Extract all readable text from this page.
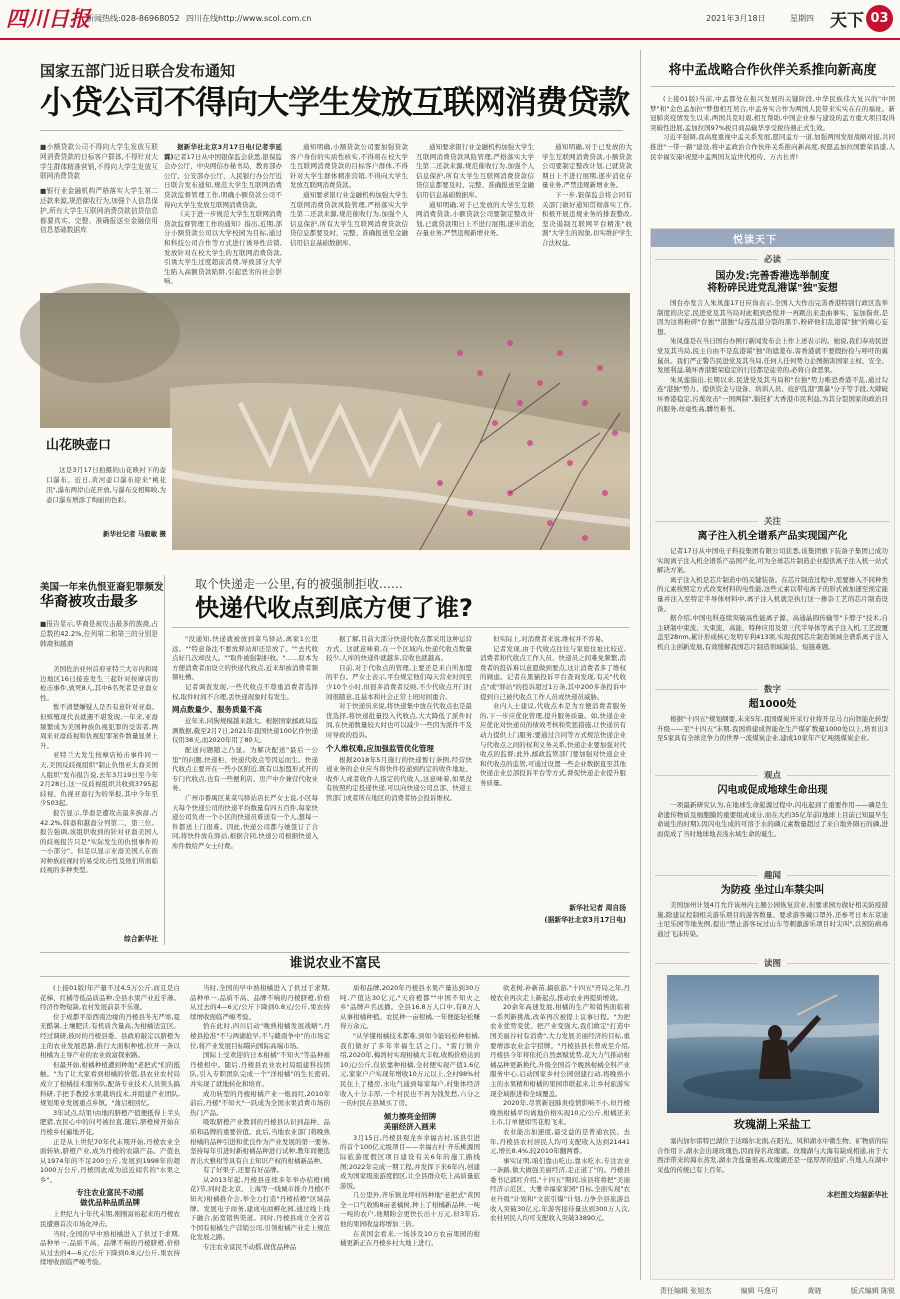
四川日报
新闻热线:028-86968052 四川在线http://www.scol.com.cn	2021年3月18日	星期四 天下 03
国家五部门近日联合发布通知
小贷公司不得向大学生发放互联网消费贷款
■小额贷款公司不得向大学生发放互联网消费贷款的目标客户群体,不得针对大学生群体精准营销,不得向大学生发放互联网消费贷款
■银行业金融机构严格落实大学生第二还款来源,规范催收行为,加强个人信息保护,所有大学生互联网消费贷款信贷信息都要真实、完整、准确报送至金融信用信息基础数据库

据新华社北京3月17日电(记者李延霖)记者17日从中国银保监会获悉,银保监会办公厅、中央网信办秘书局、教育部办公厅、公安部办公厅、人民银行办公厅近日联合发布通知,规范大学生互联网消费贷款监督管理工作,明确小额贷款公司不得向大学生发放互联网消费贷款。

《关于进一步规范大学生互联网消费贷款监督管理工作的通知》指出,近期,部分小额贷款公司以大学校园为目标,通过和科技公司合作等方式进行诱导性营销,发放针对在校大学生的互联网消费贷款,引诱大学生过度超前消费,导致部分大学生陷入高额贷款陷阱,引起恶劣的社会影响。

通知明确,小额贷款公司要加强贷款客户身份的实质性核实,不得将在校大学生互联网消费贷款的目标客户群体,不得针对大学生群体精准营销,不得向大学生发放互联网消费贷款。

通知要求银行业金融机构加强大学生互联网消费贷款风险管理,严格落实大学生第二还款来源,规范催收行为,加强个人信息保护,所有大学生互联网消费贷款信贷信息都要及时、完整、准确报送至金融信用信息基础数据库。

通知要求银行业金融机构加强大学生互联网消费贷款风险管理,严格落实大学生第二还款来源,规范催收行为,加强个人信息保护,所有大学生互联网消费贷款信贷信息都要及时、完整、准确报送至金融信用信息基础数据库。

通知明确,对于已发放的大学生互联网消费贷款,小额贷款公司要制定整改计划,已就贷款期日上不进行展期,逐步消化存量业务,严禁违规新增业务。

通知明确,对于已发放的大学生互联网消费贷款,小额贷款公司要制定整改计划,已就贷款期日上不进行展期,逐步消化存量业务,严禁违规新增业务。

下一步,银保监会将会同有关部门做好通知贯彻落实工作,积极开展违规业务的排查整改,坚决遏制互联网平台精准"收割"大学生的现象,切实维护学生合法权益。

山花映壶口
这是3月17日拍摄的山花映衬下的壶口瀑布。近日,黄河壶口瀑布迎来"桃花汛",瀑布两岸山花开放,与瀑布交相辉映,为壶口瀑布增添了绚丽的色彩。
新华社记者 马毅敏 摄
美国一年来仇恨亚裔犯罪频发
华裔被攻击最多
■报告显示,华裔是被攻击最多的族裔,占总数的42.2%,位列第二和第三的分别是韩裔和越裔

美国佐治亚州首府亚特兰大市内和周边地区16日接连发生三起针对按摩店的枪击事件,致死8人,其中6名死者是亚裔女性。

暂不清楚嫌疑人是否有意针对亚裔。但殡殖现代表就遇不堪发现,一年来,亚裔频繁成为美国种族仇视犯罪的受害者,两周来亚裔歧视和仇视犯罪案件数量显著上升。

亚特兰大发生按摩店枪击事件同一天,美国反歧视组织"制止仇恨亚太裔美国人组织"发布报告说,去年3月19日至今年2月28日,这一反歧视组织共收到3795起歧视、仇视亚裔行为的举报,其中今年至少503起。

报告显示,华裔是遭攻击最多族裔,占42.2%,韩裔和越裔分列第二、第三位。报告强调,该组织收到的针对亚裔美国人的歧视报告只是"实际发生的仇恨事件的一小部分"。但足以显示亚裔美国人在面对种族歧视时的易受攻击性及他们所面临歧视的多种类型。

综合新华社
取个快递走一公里,有的被强制拒收……
快递代收点到底方便了谁?

"没通知,快递就被放到菜鸟驿站,离家1公里远。""特意备注不要放驿站却还是放了。""去代收点好几次却没人。""取件被强制拒收。"……原本为方便消费者而设立的快递代收点,近来却被消费者频频吐槽。

记者调查发现,一些代收点不尊重消费者选择权,取件时间不合理,丢快递现象时有发生。

网点数量少、服务质量不高

近年来,同狗规模越来越大。根据国家邮政局监测数据,截至2月7日,2021年我国快递100亿件快递仅用38天,而2020年用了80天。

配送问题随之凸显。为解决配送"最后一公里"的问题,快递柜、快递代收点等因运而生。快递代收点主要开在一些小区附近,既有以加盟形式开的专门代收点,也有一些便利店、房产中介兼营代收业务。

广州市番禺区某菜鸟驿站店长严女士说,小区每天每个快递公司的快递平均数量有四五百件,每家快递公司负责一个小区的快递员难送有一个人,想每一件都送上门很难。因此,快递公司都与她签订了合同,将快件放在驿站,根据合同,快递公司根据快递入库件数给严女士付费。

据了解,目前大部分快递代收点都采用这种运营方式。这就意味着,在一个区域内,快递代收点数量较少,人库的快递件就越多,营收也就越高。

目前,对于代收点的管理,主要还是来自所加盟的平台。严女士表示,平台规定他们每天营业时间至少10个小时,但很多消费者反映,不少代收点开门时间很随意,且基本和社会正常上班时间重合。

对于快递员来说,将快递集中放在代收点也是最优选择,将快递批量投入代收点,大大降低了派件时间,在快递数量较大时也可以减少一些因为派件不及时导致的投诉。

个人维权难,应加强监管优化管理

根据2018年5月施行的快递暂行条例,经营快递业务的企业应当将快件投递到约定的收件地址、收件人或者收件人指定的代收人,这意味着,如果没有按照约定投递快递,可以向快递公司总部、快递主管部门或者所在地区的消费者协会投诉维权。

但实际上,对消费者来说,维权并不容易。

记者发现,由于代收点往往与家庭住址比较近,消费者和代收点工作人员、快递员之间难免频繁,消费者的投诉难以意愿做到要点,这让消费者多了维权的顾虑。记者在黑猫投诉平台查询发现,有关"代收点"或"驿站"的投诉超过1万条,其中200多条投诉中提到自己被代收点工作人员或快递员威胁。

业内人士建议,代收点本是为方便消费者服务的,下一步应优化管理,提升服务质量。如,快递企业应优化对快递员的绩效考核和奖惩措施,让快递员有动力提供上门服务;要通过合同等方式规范快递企业与代收点之间的权利义务关系,快递企业要加强对代收点的监督;此外,邮政监管部门要加强对快递企业和代收点的监管,可通过设置一些企业数据直至其他快递企业总部投诉平台等方式,督促快递企业提升服务质量。

新华社记者 周自扬
(据新华社北京3月17日电)
将中孟战略合作伙伴关系推向新高度

(上接01版)当前,中孟都处在振兴发展的关键阶段,中华民族伟大复兴的"中国梦"和"金色孟加拉"梦想相互契合,中孟务实合作为两国人民带来实实在在的福祉。新冠肺炎疫情发生以来,两国共克时艰,相互帮助,中国企业参与建设的孟方重大项目取得突破性进展,孟加拉国97%税目商品输华享受税待遇正式生效。

习近平强调,我高度重视中孟关系发展,愿同孟方一道,加强两国发展战略对接,共同推进"一带一路"建设,将中孟政治合作伙伴关系推向新高度,祝愿孟加拉国繁荣昌盛,人民幸福安康!祝愿中孟两国友谊世代相传、万古长青!

悦读天下
必读
国办发:完善香港选举制度
将粉碎民进党乱港谋"独"妄想

国台办发言人朱凤莲17日应询表示,全国人大作出完善香港特别行政区选举制度的决定,民进党及其当局对此粗到恐慌并一再跳出来歪曲事实、妄加指责,是因为这将粉碎"台独""港独"勾连乱港分裂的黑手,粉碎他们乱港谋"独"的痴心妄想。

朱凤莲是在当日国台办例行新闻发布会上作上述表示的。她说,我们奉劝民进党及其当局,民主自由不是乱港谋"独"的遮羞布,害香港就不要假扮捡与呼吁的翼鼠员。我们严正警告民进党及其当局,任何人任何势力企图损害国家主权、安全、发展利益,破坏香港繁荣稳定的行径都是徒劳的,必将自食恶果。

朱凤莲指出,长期以来,民进党及其当局和"台独"势力唯恐香港不乱,通过勾连"港独"势力、提供资金与设备、培训人员、庇护乱港"黑暴"分子等手段,大肆破坏香港稳定,污蔑攻击"一国两制",猖狂扩大香港市民利益,为其分裂国家的政治目的服务,丝毫性高,髒竹难书。

关注
离子注入机全谱系产品实现国产化

记者17日从中国电子科技集团有限公司获悉,该集团旗下装备子集团已成功实现离子注入机全谱系产品国产化,可为全球芯片制造企业提供离子注入机一站式解决方案。

离子注入机是芯片制造中的关键装备。在芯片制造过程中,需要掺入不同种类的元素按照定方式改变材料的电性能,这些元素以带电离子的形式被加速至预定能量并注入至特定半导体材料中,离子注入机就是执行这一掺杂工艺的芯片制造设备。

据介绍,中国电科连续突破高性能离子源、高通晶圆传输等"卡脖子"技术,自主研制中束流、大束流、高能、特种应用及第三代半导体等离子注入机,工艺段覆盖至28nm,累计形成核心发明专利413项,实现我国芯片制造领域全谱系离子注入机自主创新发展,有效缓解我国芯片制造领域缺装、短链难题。

数字
超1000处

根据"十四五"规划纲要,未来5年,我国煤炭开采行业将开足马力向智能化转型升级——至"十四五"末期,我国将建成智能化生产煤矿数量1000处以上,培育出3至5家具有全球竞争力的世界一流煤炭企业,建成10家年产亿吨级煤炭企业。

观点
闪电或促成地球生命出现

一项最新研究认为,在地球生命起源过程中,闪电起到了重要作用——磷是生命遗传物质及细胞膜的重要组成成分,而在大约35亿年前(地球上目前已知最早生命诞生的时期),因闪电生成的可溶于水的磷元素数量超过了来自地外陨石的磷,进而促成了当时地球地表浅水域生命的诞生。

趣闻
为防疫 坐过山车禁尖叫

美国加州计划4月允许该州内主题公园恢复营业,但要求园方做好相关防疫措施,除建议控制相关游乐项目的游客数量、要求游客戴口罩外,还参考日本东京迪士尼乐园等地先例,提出"禁止游客玩过山车等刺激游乐项目时尖叫",以预防病毒通过飞沫传染。

读图
玫瑰湖上采盐工

塞内加尔雷特巴湖位于达喀尔北面,在阳光、风和湖水中微生物、矿物质的综合作用下,湖水会出现玫瑰色,因而得名玫瑰湖。玫瑰湖与大海有缺成相通,由于大西洋带来的海水蒸发,湖水含盐量很高,玫瑰湖还是一座厚厚的盐矿,当地人在湖中采盐的传统已有上百年。

本栏图文均据新华社
谁说农业不富民

(上接01版)年产量不过4.5万公斤,而且是白花梯、红橘等低品质品种,全县水果产业近乎薄。经济作物短缺,农村发展前景不乐观。

位于成都平原西南边缘的丹棱县冬无严寒,夏无酷暑,土壤肥沃,有机质含量高,为柑橘适宜区。经过调研,彼时的丹棱县委、县政府敲定以脐橙为主的农业发展思路,推行大面积种植,拉开一条以柑橘为主导产业的农业致富探索路。

但最开始,柑橘种植遭到种地"老把式"们的抵触。"为了让大家看到柑橘的价值,县农业农村局成立了柑橘技术服务队,配备专业技术人员领头搞科研,手把手教授水果栽培技术,并组建产业团队,规划果业发展重点乡镇。"蒲启根回忆。

3年试点,结果!由地的脐橙产值便抵得上半头肥猪,农民心中的问号被拉直,随后,脐橙树开始在丹棱乡村遍地开花。

正是从上世纪70年代末期开始,丹棱农业全面转轨,脐橙产业,成为丹棱的农副产品。产值也从1974年的不足200公斤,发展到1998年的超1000万公斤,丹棱因此成为远近闻名的"水果之乡"。

专注农业富民不动摇
做优品种品质品牌

上世纪九十年代末期,刚刚富裕起来的丹棱农民遭遇首次市场化冲击。

当时,全国的早中熟柑橘进入了供过于求期,品种单一,品质不高、品牌不响的丹棱脐橙,价格从过去的4—6元/公斤下降到0.8元/公斤,果农持续增收面临严峻考验。

当时,全国的早中熟柑橘进入了供过于求期,品种单一,品质不高、品牌不响的丹棱脐橙,价格从过去的4—6元/公斤下降到0.8元/公斤,果农持续增收面临严峻考验。

恰在此时,四川启动"晚熟柑橘发展战略",丹棱县抢准"不与两湖抢早,不与赣南争中"的市场定位,将产业发展目标瞄向国际高端市场。

国际上受欢迎的日本柑橘"不知火"等品种被丹棱相中。随后,丹棱县农业农村局组建科技团队,引入专职团队完成一个"洋柑橘"的生长密码,并实现了就地转化和培育。

成功转型的丹棱柑橘产业一炮而红,2010年前后,丹棱"不知火"一跃成为全国水果消费市场的热门产品。

吸取脐橙产业教训的丹棱县认识到品种、品质和品牌的重要价值。此后,当地农业部门将晚熟柑橘的品种引进和优良作为产业发展的第一要务,坚持每年引进时新柑橘品种进行试种,教年间便选育出大雅柑等具有自主知识产权的柑橘新品种。

有了好果子,还要有好品牌。

从2013年起,丹棱县连续多年举办桔橙(桃花)节,同时赴北京、上海等一线城市推介丹棱(不知火)柑橘推介会,举全力打造"丹棱桔橙"区域品牌。发展电子商务,建成电商孵化园,通过线上线下融合,拓宽销售渠道。同时,丹棱县成立全省首个国有柑橘生产营销公司,引领柑橘产业走上规范化发展之路。

专注农业富民不动摇,做优品种品

质和品牌,2020年丹棱县水果产量达到30万吨,产值达30亿元,"天府橙都""中国不知火之乡"品牌声名远播。全县16.8万人口中,有8万人从事柑橘种植。农民种一亩柑橘,一年便能轻松赚得万余元。

"从学懂柑橘技术都难,到如今能轻松种柑橘,我们做好了多年幸福生活之门。"雷行镇介绍,2020年,梅湾村实现柑橘大丰收,收购价格达到10元/公斤,仅依靠种柑橘,全村便实现产值1.6亿元,家家户户实现年增收10万元以上,全村98%村民住上了楼房,水电气通到每家每户,村集体经济收入十分丰厚,一个村民也不再为钱发愁,六分之一的村民在县城买了房。

倾力擦亮金招牌
美丽经济入画来

3月15日,丹棱县观龙乡幸福古村,该县引进的首个100亿元级项目——幸福古村·齐乐桃源国际旅游度假区项目建设有关6年的施工路线图;2022年完成一期工程,并发挥下来6年内,创建成为国家级旅游度假区,让全县群众吃上高质量旅游饭。

几公里外,齐乐镇龙坪村的种地"老把式"黄国全一口气收购8亩老橘树,种上了柑橘新品种,一吨一吨的农户,他期盼会更快长出十万元,但3年后,他的果园收益将增加三倍。

在黄国金看来,一场涉及10万农亩果园的柑橘更新正在丹棱乡村大地上进行。

砍老树,补新苗,搞旅游,"十四五"开局之年,丹棱农业再次走上新起点,推动农业再提质增效。

20余年高速发展,柑橘的生产和销售面临着一系列新挑战,改革再次被提上议事日程。"为把农业优势变优、把产业变强大,我们敢定"打造中国美丽谷村有消费",大力发展美丽经济的目标,重要增添农业金字招牌。"丹棱县县长曾成至介绍,丹棱县今年将依托自然禀赋优势,花大力气推动柑橘品种更新换代,升级全国首个晚熟柑橘全科产业服务中心,启动国家乡村公园创建行动,将晚熟小主的水果精和柑橘的果园串联起来,让乡村旅游实现全域推进和全域覆盖。

2020年,尽管新冠肺炎疫情影响不小,但丹棱晚熟柑橘平均离地价格实现10元/公斤,柑橘还来上市,订单便如雪花般飞来。

农业能出加速度,最受益的是普通农民。去年,丹棱县农村居民人均可支配收入达到21441元,增长8.4%,较2010年翻两番。

事实证明,咱们靠山吃山,靠水吃水,专注农业一条路,做大做强美丽经济,走正道了"的。丹棱县委书记郭红介绍,"十四五"期间,该县将将把"美丽经济示范区、大雅幸福家家园"目标,全面实现"农业升级"计划和"文旅引爆"计划,力争全县旅游总收入突破30亿元,年游客接待量达到300万人次,农村居民人均可支配收入突破33890元。

责任编辑 张旭杰	编辑 马逸可	黄晓	版式编辑 陈锐
